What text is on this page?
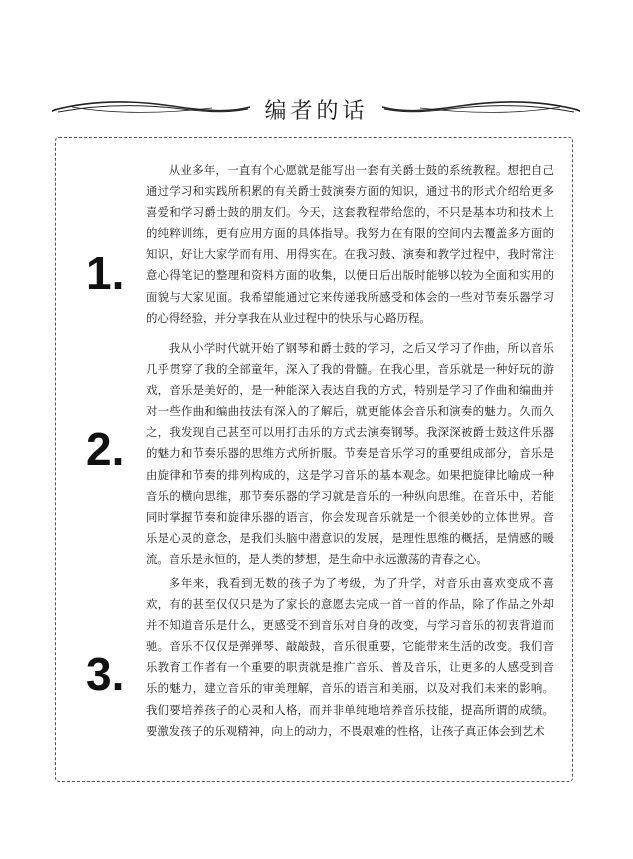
编者的话
1.

从业多年，一直有个心愿就是能写出一套有关爵士鼓的系统教程。想把自己通过学习和实践所积累的有关爵士鼓演奏方面的知识，通过书的形式介绍给更多喜爱和学习爵士鼓的朋友们。今天，这套教程带给您的，不只是基本功和技术上的纯粹训练，更有应用方面的具体指导。我努力在有限的空间内去覆盖多方面的知识，好让大家学而有用、用得实在。在我习鼓、演奏和教学过程中，我时常注意心得笔记的整理和资料方面的收集，以便日后出版时能够以较为全面和实用的面貌与大家见面。我希望能通过它来传递我所感受和体会的一些对节奏乐器学习的心得经验，并分享我在从业过程中的快乐与心路历程。

2.

我从小学时代就开始了钢琴和爵士鼓的学习，之后又学习了作曲，所以音乐几乎贯穿了我的全部童年，深入了我的骨髓。在我心里，音乐就是一种好玩的游戏，音乐是美好的，是一种能深入表达自我的方式，特别是学习了作曲和编曲并对一些作曲和编曲技法有深入的了解后，就更能体会音乐和演奏的魅力。久而久之，我发现自己甚至可以用打击乐的方式去演奏钢琴。我深深被爵士鼓这件乐器的魅力和节奏乐器的思维方式所折服。节奏是音乐学习的重要组成部分，音乐是由旋律和节奏的排列构成的，这是学习音乐的基本观念。如果把旋律比喻成一种音乐的横向思维，那节奏乐器的学习就是音乐的一种纵向思维。在音乐中，若能同时掌握节奏和旋律乐器的语言，你会发现音乐就是一个很美妙的立体世界。音乐是心灵的意念，是我们头脑中潜意识的发展，是理性思维的概括，是情感的暖流。音乐是永恒的，是人类的梦想，是生命中永远激荡的青春之心。

3.

多年来，我看到无数的孩子为了考级，为了升学，对音乐由喜欢变成不喜欢，有的甚至仅仅只是为了家长的意愿去完成一首一首的作品，除了作品之外却并不知道音乐是什么，更感受不到音乐对自身的改变，与学习音乐的初衷背道而驰。音乐不仅仅是弹弹琴、敲敲鼓，音乐很重要，它能带来生活的改变。我们音乐教育工作者有一个重要的职责就是推广音乐、普及音乐，让更多的人感受到音乐的魅力，建立音乐的审美理解，音乐的语言和美丽，以及对我们未来的影响。我们要培养孩子的心灵和人格，而并非单纯地培养音乐技能，提高所谓的成绩。要激发孩子的乐观精神，向上的动力，不畏艰难的性格，让孩子真正体会到艺术
